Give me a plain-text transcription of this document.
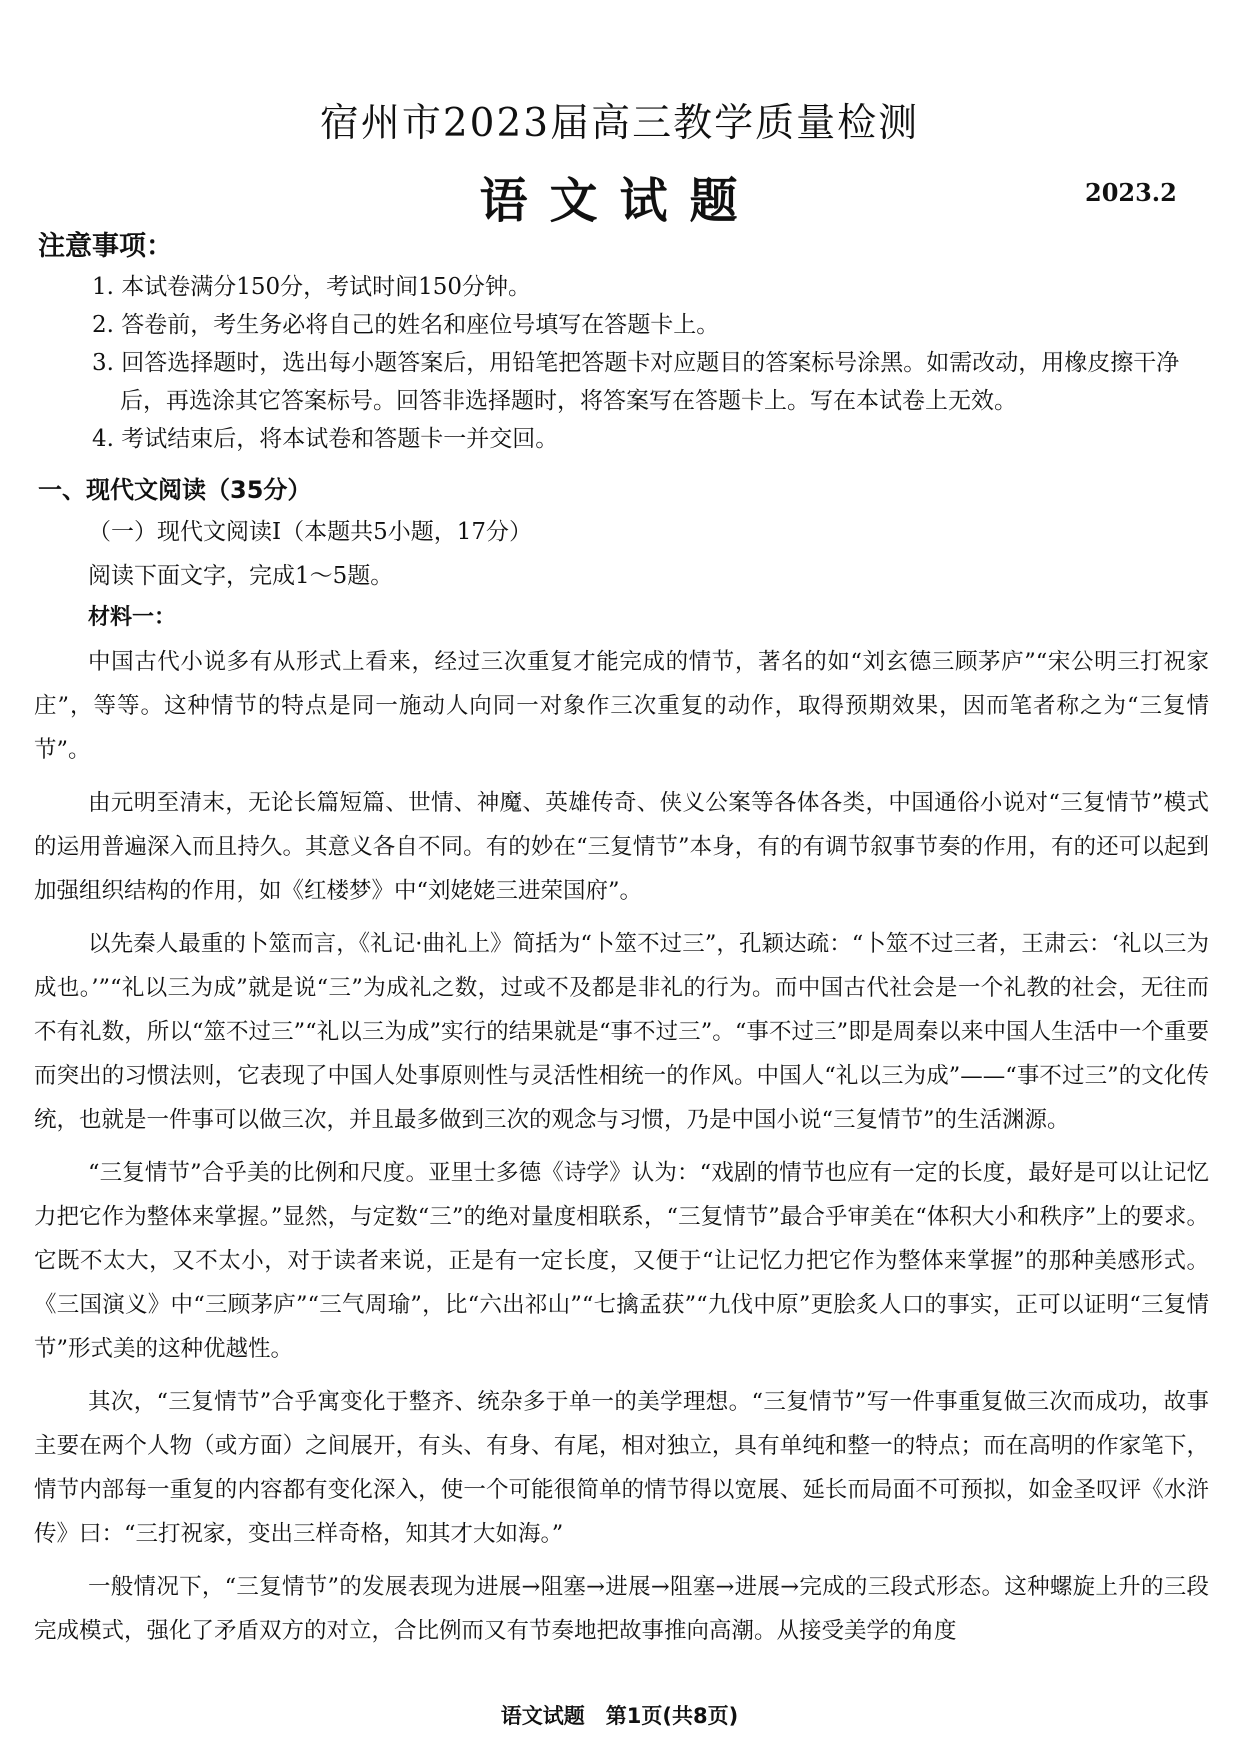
宿州市2023届高三教学质量检测
语文试题	2023.2
注意事项：
1. 本试卷满分150分，考试时间150分钟。
2. 答卷前，考生务必将自己的姓名和座位号填写在答题卡上。
3. 回答选择题时，选出每小题答案后，用铅笔把答题卡对应题目的答案标号涂黑。如需改动，用橡皮擦干净后，再选涂其它答案标号。回答非选择题时，将答案写在答题卡上。写在本试卷上无效。
4. 考试结束后，将本试卷和答题卡一并交回。
一、现代文阅读（35分）
（一）现代文阅读Ⅰ（本题共5小题，17分）
阅读下面文字，完成1～5题。
材料一：

中国古代小说多有从形式上看来，经过三次重复才能完成的情节，著名的如“刘玄德三顾茅庐”“宋公明三打祝家庄”，等等。这种情节的特点是同一施动人向同一对象作三次重复的动作，取得预期效果，因而笔者称之为“三复情节”。

由元明至清末，无论长篇短篇、世情、神魔、英雄传奇、侠义公案等各体各类，中国通俗小说对“三复情节”模式的运用普遍深入而且持久。其意义各自不同。有的妙在“三复情节”本身，有的有调节叙事节奏的作用，有的还可以起到加强组织结构的作用，如《红楼梦》中“刘姥姥三进荣国府”。

以先秦人最重的卜筮而言，《礼记·曲礼上》简括为“卜筮不过三”，孔颖达疏：“卜筮不过三者，王肃云：‘礼以三为成也。’”“礼以三为成”就是说“三”为成礼之数，过或不及都是非礼的行为。而中国古代社会是一个礼教的社会，无往而不有礼数，所以“筮不过三”“礼以三为成”实行的结果就是“事不过三”。“事不过三”即是周秦以来中国人生活中一个重要而突出的习惯法则，它表现了中国人处事原则性与灵活性相统一的作风。中国人“礼以三为成”——“事不过三”的文化传统，也就是一件事可以做三次，并且最多做到三次的观念与习惯，乃是中国小说“三复情节”的生活渊源。

“三复情节”合乎美的比例和尺度。亚里士多德《诗学》认为：“戏剧的情节也应有一定的长度，最好是可以让记忆力把它作为整体来掌握。”显然，与定数“三”的绝对量度相联系，“三复情节”最合乎审美在“体积大小和秩序”上的要求。它既不太大，又不太小，对于读者来说，正是有一定长度，又便于“让记忆力把它作为整体来掌握”的那种美感形式。《三国演义》中“三顾茅庐”“三气周瑜”，比“六出祁山”“七擒孟获”“九伐中原”更脍炙人口的事实，正可以证明“三复情节”形式美的这种优越性。

其次，“三复情节”合乎寓变化于整齐、统杂多于单一的美学理想。“三复情节”写一件事重复做三次而成功，故事主要在两个人物（或方面）之间展开，有头、有身、有尾，相对独立，具有单纯和整一的特点；而在高明的作家笔下，情节内部每一重复的内容都有变化深入，使一个可能很简单的情节得以宽展、延长而局面不可预拟，如金圣叹评《水浒传》曰：“三打祝家，变出三样奇格，知其才大如海。”

一般情况下，“三复情节”的发展表现为进展→阻塞→进展→阻塞→进展→完成的三段式形态。这种螺旋上升的三段完成模式，强化了矛盾双方的对立，合比例而又有节奏地把故事推向高潮。从接受美学的角度

语文试题　第1页(共8页)
